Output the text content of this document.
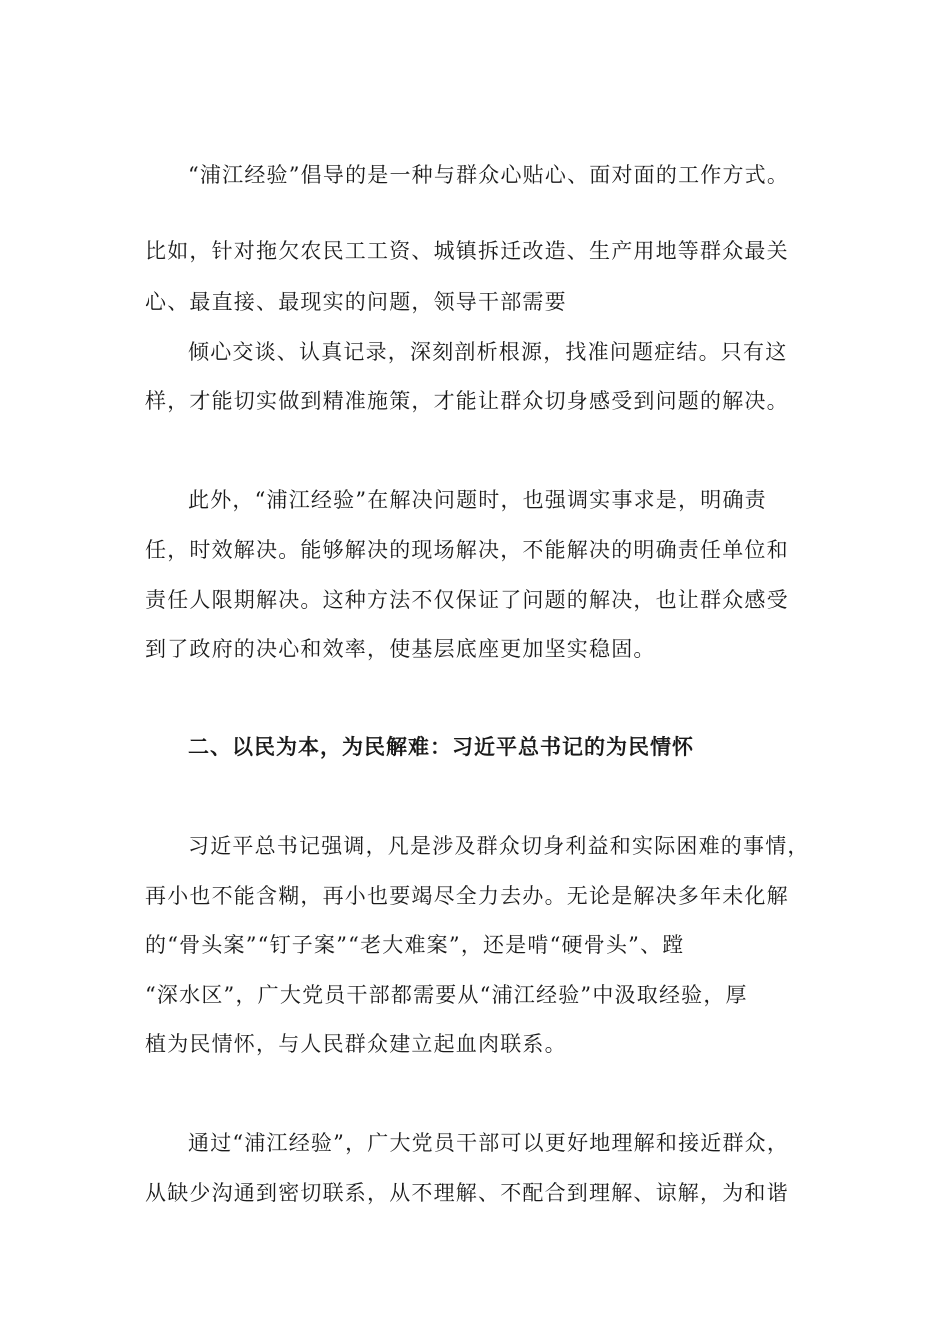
“浦江经验”倡导的是一种与群众心贴心、面对面的工作方式。
比如，针对拖欠农民工工资、城镇拆迁改造、生产用地等群众最关
心、最直接、最现实的问题，领导干部需要
倾心交谈、认真记录，深刻剖析根源，找准问题症结。只有这
样，才能切实做到精准施策，才能让群众切身感受到问题的解决。
此外，“浦江经验”在解决问题时，也强调实事求是，明确责
任，时效解决。能够解决的现场解决，不能解决的明确责任单位和
责任人限期解决。这种方法不仅保证了问题的解决，也让群众感受
到了政府的决心和效率，使基层底座更加坚实稳固。
二、以民为本，为民解难：习近平总书记的为民情怀
习近平总书记强调，凡是涉及群众切身利益和实际困难的事情，
再小也不能含糊，再小也要竭尽全力去办。无论是解决多年未化解
的“骨头案”“钉子案”“老大难案”，还是啃“硬骨头”、蹚
“深水区”，广大党员干部都需要从“浦江经验”中汲取经验，厚
植为民情怀，与人民群众建立起血肉联系。
通过“浦江经验”，广大党员干部可以更好地理解和接近群众，
从缺少沟通到密切联系，从不理解、不配合到理解、谅解，为和谐
